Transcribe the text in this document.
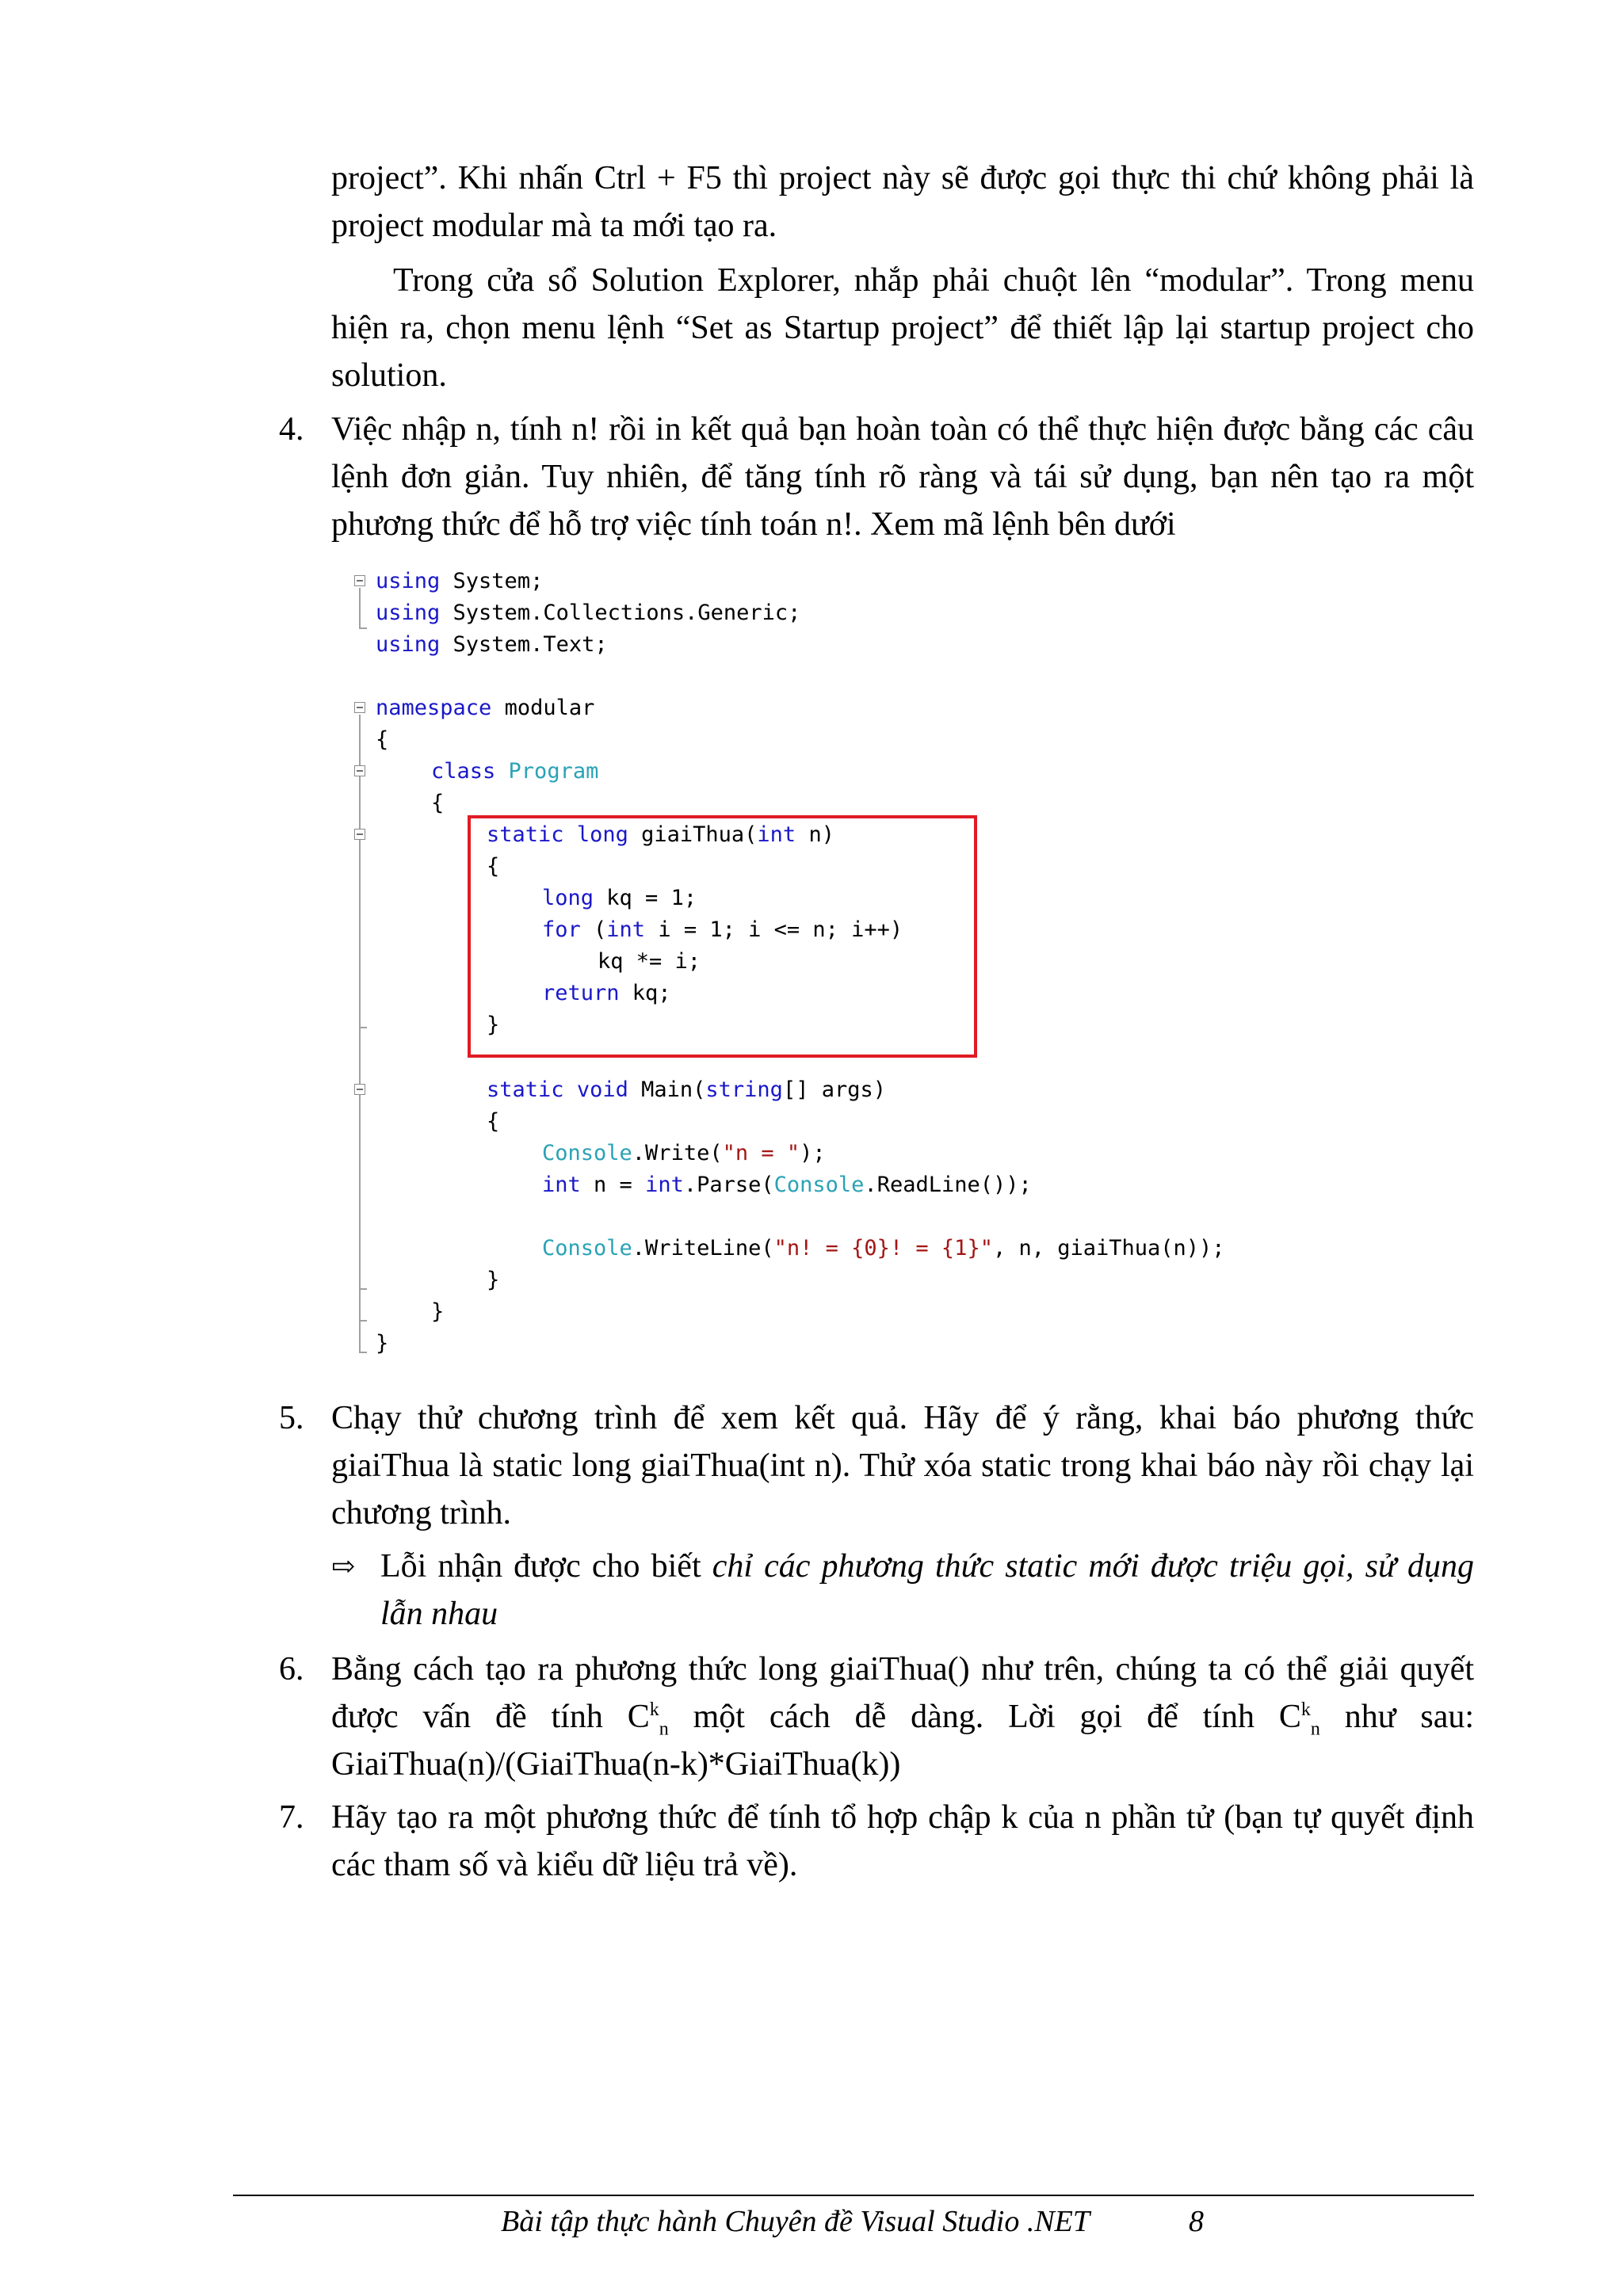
project”. Khi nhấn Ctrl + F5 thì project này sẽ được gọi thực thi chứ không phải là project modular mà ta mới tạo ra.
Trong cửa sổ Solution Explorer, nhắp phải chuột lên “modular”. Trong menu hiện ra, chọn menu lệnh “Set as Startup project” để thiết lập lại startup project cho solution.
4. Việc nhập n, tính n! rồi in kết quả bạn hoàn toàn có thể thực hiện được bằng các câu lệnh đơn giản. Tuy nhiên, để tăng tính rõ ràng và tái sử dụng, bạn nên tạo ra một phương thức để hỗ trợ việc tính toán n!. Xem mã lệnh bên dưới
using System;
using System.Collections.Generic;
using System.Text;
namespace modular
{
class Program
{
static long giaiThua(int n)
{
long kq = 1;
for (int i = 1; i <= n; i++)
kq *= i;
return kq;
}
static void Main(string[] args)
{
Console.Write("n = ");
int n = int.Parse(Console.ReadLine());
Console.WriteLine("n! = {0}! = {1}", n, giaiThua(n));
}
}
}
5. Chạy thử chương trình để xem kết quả. Hãy để ý rằng, khai báo phương thức giaiThua là static long giaiThua(int n). Thử xóa static trong khai báo này rồi chạy lại chương trình.
⇨ Lỗi nhận được cho biết chỉ các phương thức static mới được triệu gọi, sử dụng lẫn nhau
6. Bằng cách tạo ra phương thức long giaiThua() như trên, chúng ta có thể giải quyết được vấn đề tính $C^k_n$ một cách dễ dàng. Lời gọi để tính $C^k_n$ như sau: GiaiThua(n)/(GiaiThua(n-k)*GiaiThua(k))
7. Hãy tạo ra một phương thức để tính tổ hợp chập k của n phần tử (bạn tự quyết định các tham số và kiểu dữ liệu trả về).
Bài tập thực hành Chuyên đề Visual Studio .NET	8
